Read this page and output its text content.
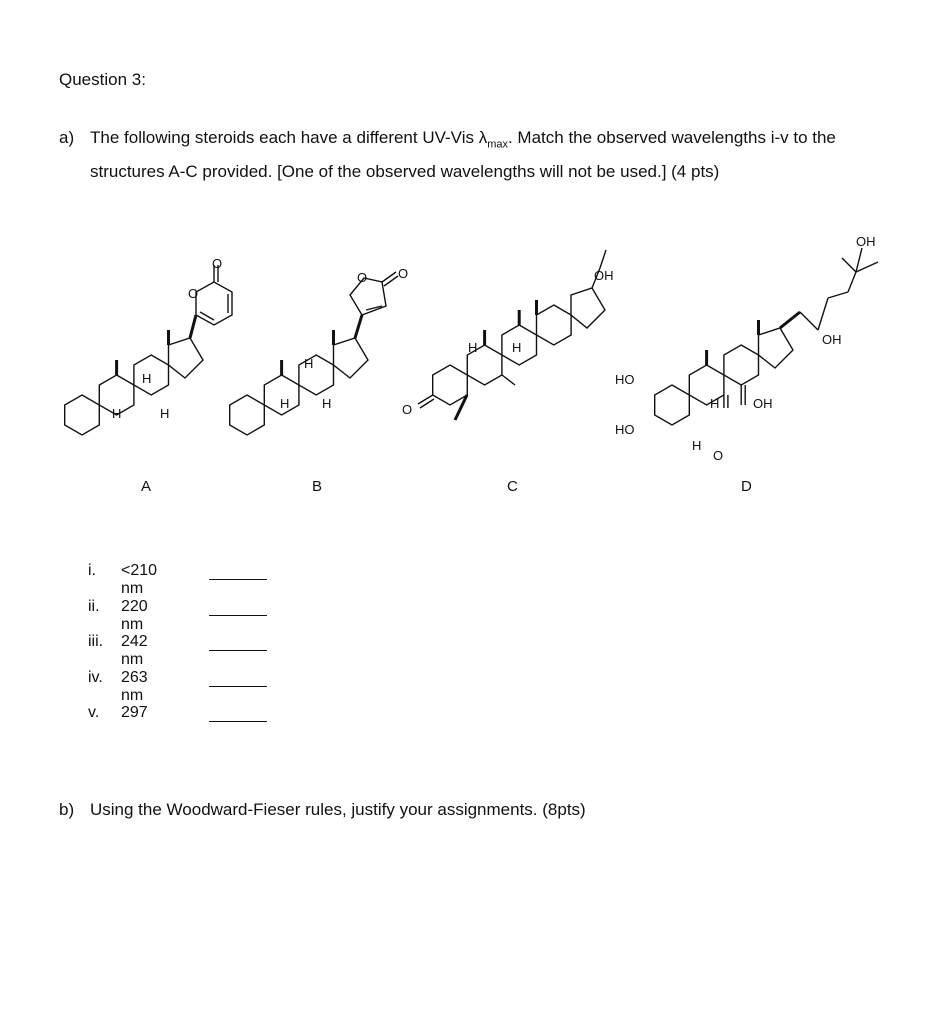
Question 3:
a) The following steroids each have a different UV-Vis $\lambda_{max}$. Match the observed wavelengths i-v to the structures A-C provided. [One of the observed wavelengths will not be used.] (4 pts)
O
O
H
H	H
O O
H
H	H	O
OH
H	H
HO
HO
OH
OH
OH
O
H
H
A	B	C	D
i. <210 nm
ii. 220 nm
iii. 242 nm
iv. 263 nm
v. 297
b) Using the Woodward-Fieser rules, justify your assignments. (8pts)
